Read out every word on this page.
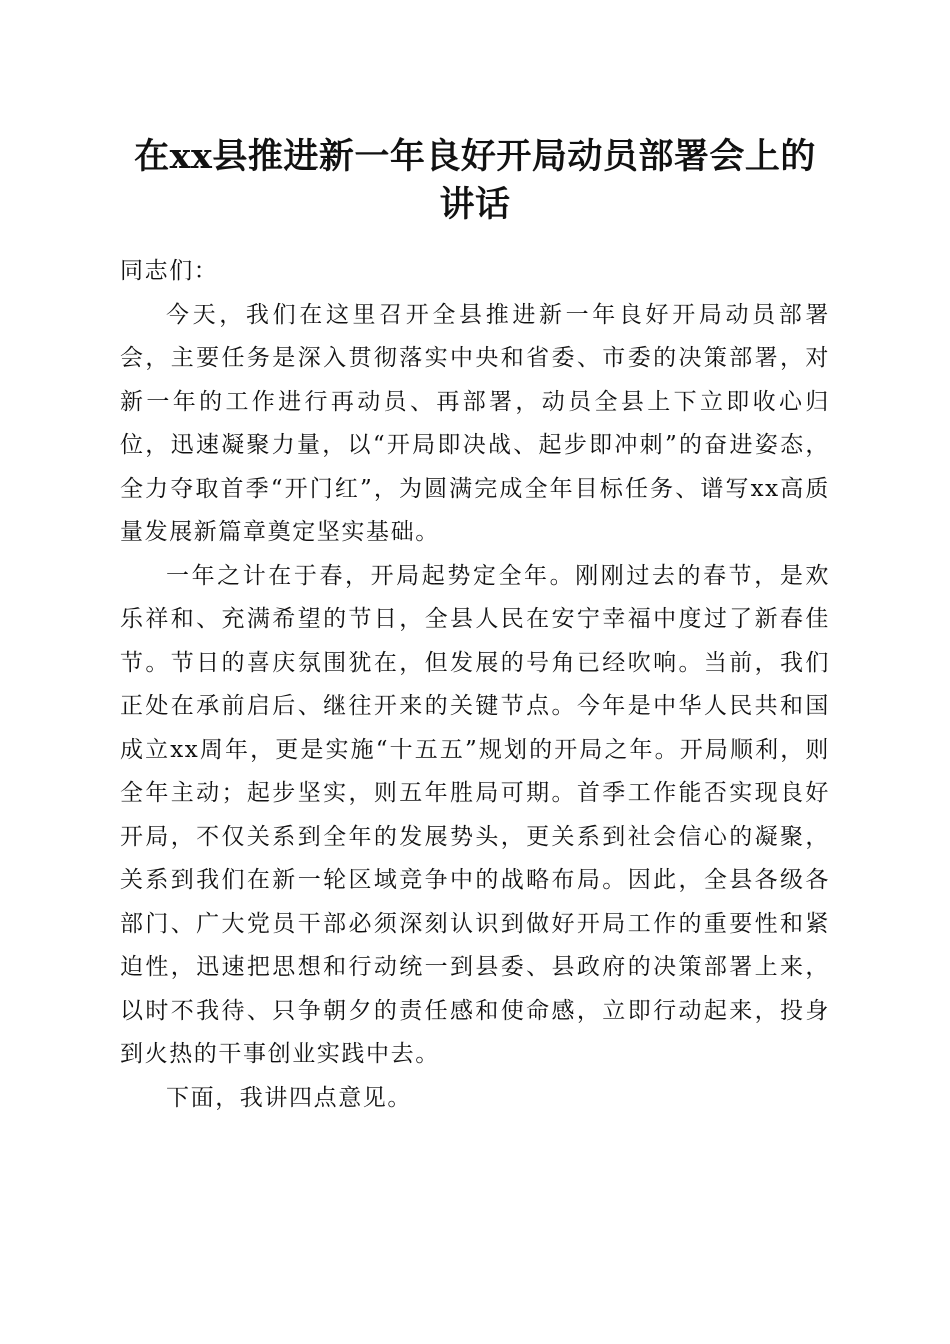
在xx县推进新一年良好开局动员部署会上的
讲话

同志们：

今天，我们在这里召开全县推进新一年良好开局动员部署会，主要任务是深入贯彻落实中央和省委、市委的决策部署，对新一年的工作进行再动员、再部署，动员全县上下立即收心归位，迅速凝聚力量，以“开局即决战、起步即冲刺”的奋进姿态，全力夺取首季“开门红”，为圆满完成全年目标任务、谱写xx高质量发展新篇章奠定坚实基础。

一年之计在于春，开局起势定全年。刚刚过去的春节，是欢乐祥和、充满希望的节日，全县人民在安宁幸福中度过了新春佳节。节日的喜庆氛围犹在，但发展的号角已经吹响。当前，我们正处在承前启后、继往开来的关键节点。今年是中华人民共和国成立xx周年，更是实施“十五五”规划的开局之年。开局顺利，则全年主动；起步坚实，则五年胜局可期。首季工作能否实现良好开局，不仅关系到全年的发展势头，更关系到社会信心的凝聚，关系到我们在新一轮区域竞争中的战略布局。因此，全县各级各部门、广大党员干部必须深刻认识到做好开局工作的重要性和紧迫性，迅速把思想和行动统一到县委、县政府的决策部署上来，以时不我待、只争朝夕的责任感和使命感，立即行动起来，投身到火热的干事创业实践中去。

下面，我讲四点意见。
